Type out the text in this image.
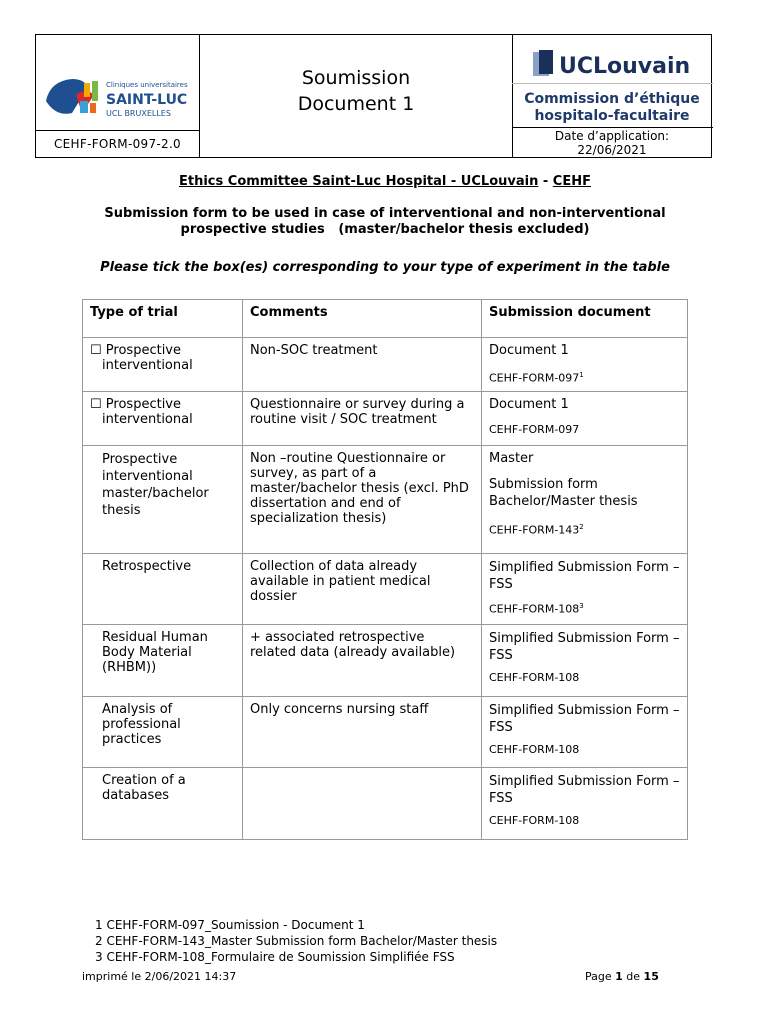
Cliniques universitaires
SAINT-LUC
UCL BRUXELLES
CEHF-FORM-097-2.0
Soumission
Document 1
UCLouvain
Commission d’éthique
hospitalo-facultaire
Date d’application:
22/06/2021
Ethics Committee Saint-Luc Hospital - UCLouvain - CEHF
Submission form to be used in case of interventional and non-interventional
prospective studies   (master/bachelor thesis excluded)
Please tick the box(es) corresponding to your type of experiment in the table
Type of trial	Comments	Submission document
☐ Prospective

interventional	Non-SOC treatment	Document 1
CEHF-$FORM-097^1$

☐ Prospective

interventional	Questionnaire or survey during a routine visit / SOC treatment	Document 1
CEHF-FORM-097

Prospective interventional master/bachelor thesis	Non –routine Questionnaire or survey, as part of a master/bachelor thesis (excl. PhD dissertation and end of specialization thesis)	Master
Submission form Bachelor/Master thesis
CEHF-$FORM-143^2$

Retrospective	Collection of data already available in patient medical dossier	Simplified Submission Form – FSS
CEHF-$FORM-108^3$

Residual Human Body Material (RHBM))	+ associated retrospective related data (already available)	Simplified Submission Form – FSS
CEHF-FORM-108

Analysis of professional practices	Only concerns nursing staff	Simplified Submission Form – FSS
CEHF-FORM-108

Creation of a databases		Simplified Submission Form – FSS
CEHF-FORM-108
1 CEHF-FORM-097_Soumission - Document 1
2 CEHF-FORM-143_Master Submission form Bachelor/Master thesis
3 CEHF-FORM-108_Formulaire de Soumission Simplifiée FSS
imprimé le 2/06/2021 14:37	Page 1 de 15
